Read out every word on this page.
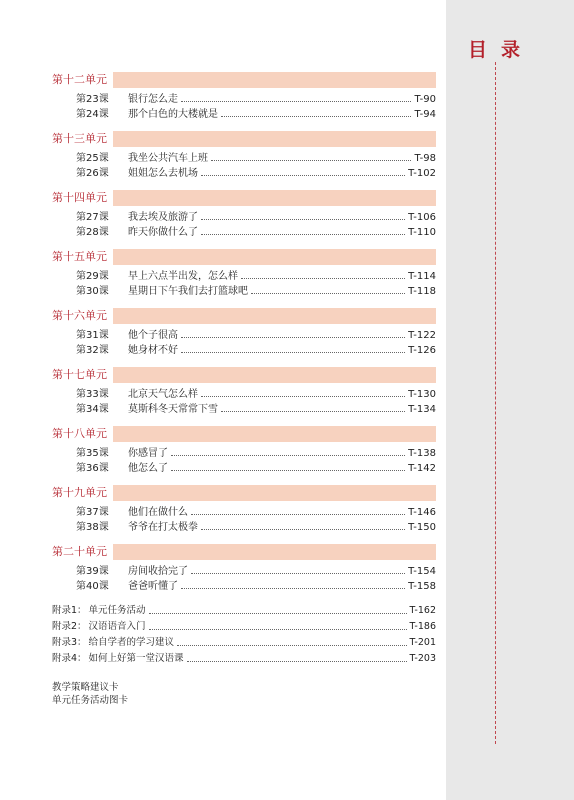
目录
第十二单元
第23课	银行怎么走	T-90
第24课	那个白色的大楼就是	T-94
第十三单元
第25课	我坐公共汽车上班	T-98
第26课	姐姐怎么去机场	T-102
第十四单元
第27课	我去埃及旅游了	T-106
第28课	昨天你做什么了	T-110
第十五单元
第29课	早上六点半出发，怎么样	T-114
第30课	星期日下午我们去打篮球吧	T-118
第十六单元
第31课	他个子很高	T-122
第32课	她身材不好	T-126
第十七单元
第33课	北京天气怎么样	T-130
第34课	莫斯科冬天常常下雪	T-134
第十八单元
第35课	你感冒了	T-138
第36课	他怎么了	T-142
第十九单元
第37课	他们在做什么	T-146
第38课	爷爷在打太极拳	T-150
第二十单元
第39课	房间收拾完了	T-154
第40课	爸爸听懂了	T-158
附录1： 单元任务活动	T-162
附录2： 汉语语音入门	T-186
附录3： 给自学者的学习建议	T-201
附录4： 如何上好第一堂汉语课	T-203
教学策略建议卡
单元任务活动图卡
